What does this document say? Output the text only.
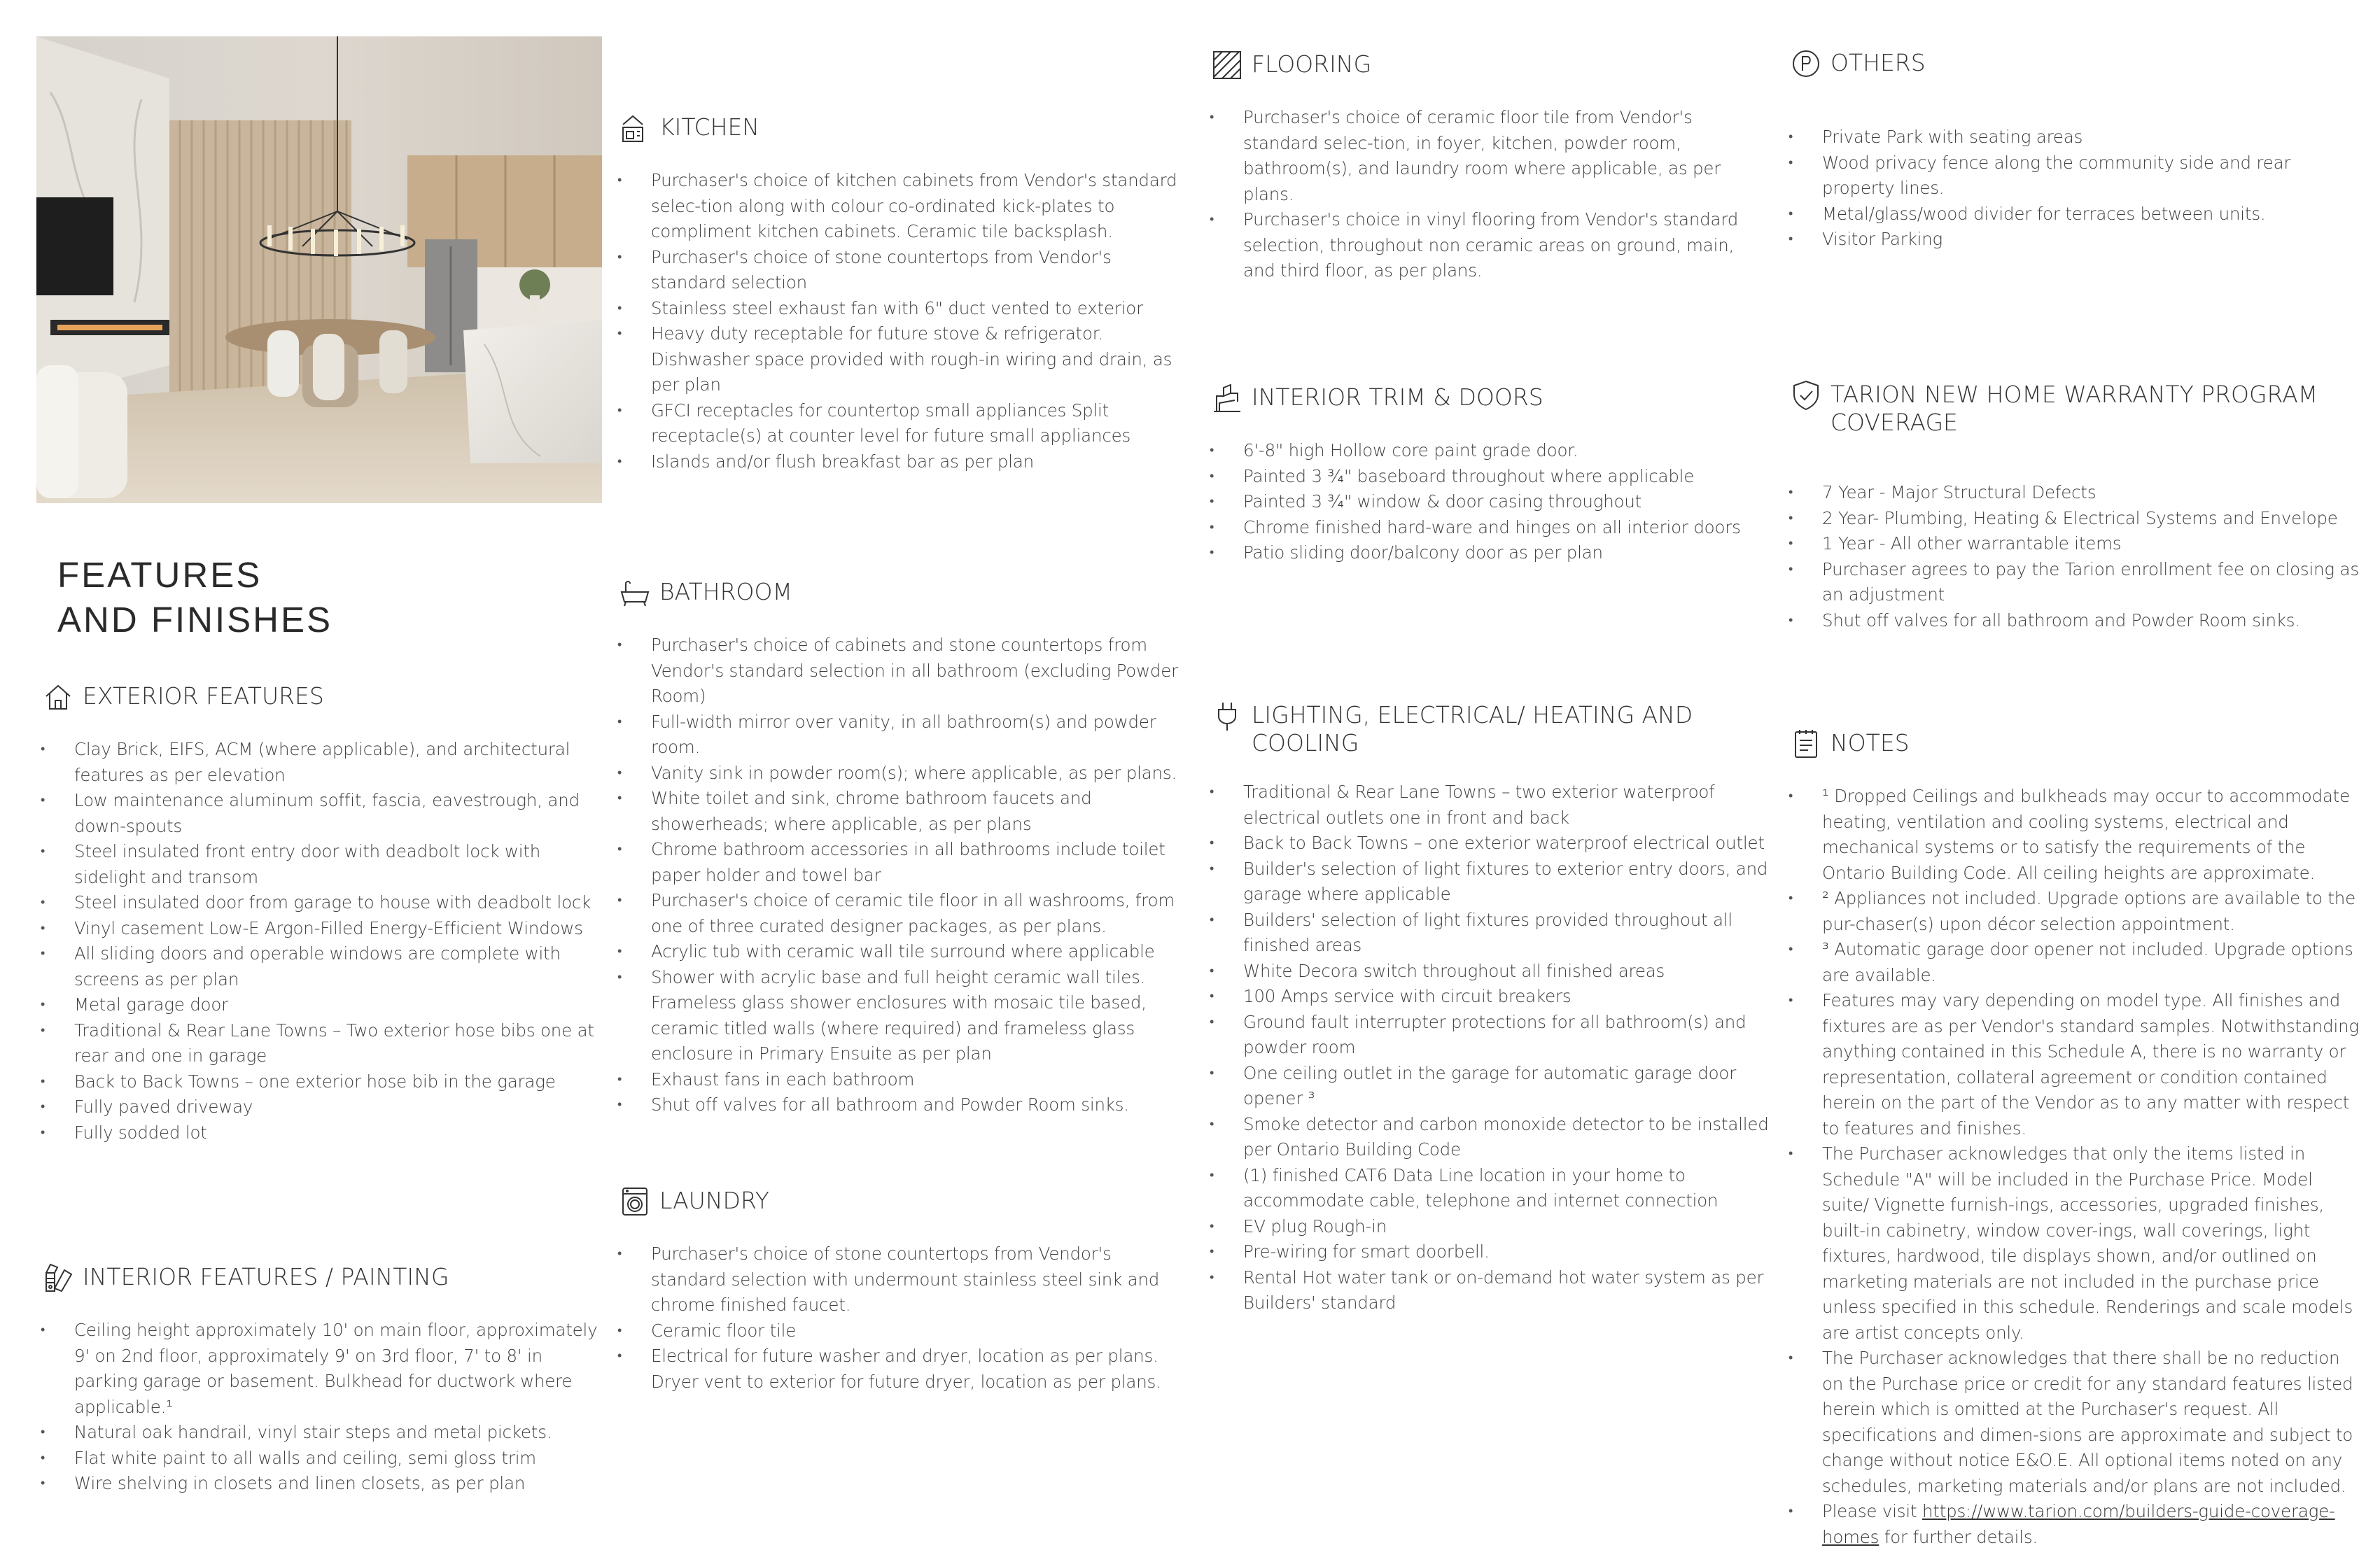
FEATURES
AND FINISHES
EXTERIOR FEATURES
• Clay Brick, EIFS, ACM (where applicable), and architectural features as per elevation
• Low maintenance aluminum soffit, fascia, eavestrough, and down-spouts
• Steel insulated front entry door with deadbolt lock with sidelight and transom
• Steel insulated door from garage to house with deadbolt lock
• Vinyl casement Low-E Argon-Filled Energy-Efficient Windows
• All sliding doors and operable windows are complete with screens as per plan
• Metal garage door
• Traditional & Rear Lane Towns – Two exterior hose bibs one at rear and one in garage
• Back to Back Towns – one exterior hose bib in the garage
• Fully paved driveway
• Fully sodded lot
INTERIOR FEATURES / PAINTING
• Ceiling height approximately 10' on main floor, approximately 9' on 2nd floor, approximately 9' on 3rd floor, 7' to 8' in parking garage or basement. Bulkhead for ductwork where applicable.¹
• Natural oak handrail, vinyl stair steps and metal pickets.
• Flat white paint to all walls and ceiling, semi gloss trim
• Wire shelving in closets and linen closets, as per plan
KITCHEN
• Purchaser's choice of kitchen cabinets from Vendor's standard selec-tion along with colour co-ordinated kick-plates to compliment kitchen cabinets. Ceramic tile backsplash.
• Purchaser's choice of stone countertops from Vendor's standard selection
• Stainless steel exhaust fan with 6" duct vented to exterior
• Heavy duty receptable for future stove & refrigerator. Dishwasher space provided with rough-in wiring and drain, as per plan
• GFCI receptacles for countertop small appliances Split receptacle(s) at counter level for future small appliances
• Islands and/or flush breakfast bar as per plan
BATHROOM
• Purchaser's choice of cabinets and stone countertops from Vendor's standard selection in all bathroom (excluding Powder Room)
• Full-width mirror over vanity, in all bathroom(s) and powder room.
• Vanity sink in powder room(s); where applicable, as per plans.
• White toilet and sink, chrome bathroom faucets and showerheads; where applicable, as per plans
• Chrome bathroom accessories in all bathrooms include toilet paper holder and towel bar
• Purchaser's choice of ceramic tile floor in all washrooms, from one of three curated designer packages, as per plans.
• Acrylic tub with ceramic wall tile surround where applicable
• Shower with acrylic base and full height ceramic wall tiles. Frameless glass shower enclosures with mosaic tile based, ceramic titled walls (where required) and frameless glass enclosure in Primary Ensuite as per plan
• Exhaust fans in each bathroom
• Shut off valves for all bathroom and Powder Room sinks.
LAUNDRY
• Purchaser's choice of stone countertops from Vendor's standard selection with undermount stainless steel sink and chrome finished faucet.
• Ceramic floor tile
• Electrical for future washer and dryer, location as per plans. Dryer vent to exterior for future dryer, location as per plans.
FLOORING
• Purchaser's choice of ceramic floor tile from Vendor's standard selec-tion, in foyer, kitchen, powder room, bathroom(s), and laundry room where applicable, as per plans.
• Purchaser's choice in vinyl flooring from Vendor's standard selection, throughout non ceramic areas on ground, main, and third floor, as per plans.
INTERIOR TRIM & DOORS
• 6'-8" high Hollow core paint grade door.
• Painted 3 ¾" baseboard throughout where applicable
• Painted 3 ¾" window & door casing throughout
• Chrome finished hard-ware and hinges on all interior doors
• Patio sliding door/balcony door as per plan
LIGHTING, ELECTRICAL/ HEATING AND COOLING
• Traditional & Rear Lane Towns – two exterior waterproof electrical outlets one in front and back
• Back to Back Towns – one exterior waterproof electrical outlet
• Builder's selection of light fixtures to exterior entry doors, and garage where applicable
• Builders' selection of light fixtures provided throughout all finished areas
• White Decora switch throughout all finished areas
• 100 Amps service with circuit breakers
• Ground fault interrupter protections for all bathroom(s) and powder room
• One ceiling outlet in the garage for automatic garage door opener ³
• Smoke detector and carbon monoxide detector to be installed per Ontario Building Code
• (1) finished CAT6 Data Line location in your home to accommodate cable, telephone and internet connection
• EV plug Rough-in
• Pre-wiring for smart doorbell.
• Rental Hot water tank or on-demand hot water system as per Builders' standard
OTHERS
• Private Park with seating areas
• Wood privacy fence along the community side and rear property lines.
• Metal/glass/wood divider for terraces between units.
• Visitor Parking
TARION NEW HOME WARRANTY PROGRAM COVERAGE
• 7 Year - Major Structural Defects
• 2 Year- Plumbing, Heating & Electrical Systems and Envelope
• 1 Year - All other warrantable items
• Purchaser agrees to pay the Tarion enrollment fee on closing as an adjustment
• Shut off valves for all bathroom and Powder Room sinks.
NOTES
• ¹ Dropped Ceilings and bulkheads may occur to accommodate heating, ventilation and cooling systems, electrical and mechanical systems or to satisfy the requirements of the Ontario Building Code. All ceiling heights are approximate.
• ² Appliances not included. Upgrade options are available to the pur-chaser(s) upon décor selection appointment.
• ³ Automatic garage door opener not included. Upgrade options are available.
• Features may vary depending on model type. All finishes and fixtures are as per Vendor's standard samples. Notwithstanding anything contained in this Schedule A, there is no warranty or representation, collateral agreement or condition contained herein on the part of the Vendor as to any matter with respect to features and finishes.
• The Purchaser acknowledges that only the items listed in Schedule "A" will be included in the Purchase Price. Model suite/ Vignette furnish-ings, accessories, upgraded finishes, built-in cabinetry, window cover-ings, wall coverings, light fixtures, hardwood, tile displays shown, and/or outlined on marketing materials are not included in the purchase price unless specified in this schedule. Renderings and scale models are artist concepts only.
• The Purchaser acknowledges that there shall be no reduction on the Purchase price or credit for any standard features listed herein which is omitted at the Purchaser's request. All specifications and dimen-sions are approximate and subject to change without notice E&O.E. All optional items noted on any schedules, marketing materials and/or plans are not included.
• Please visit https://www.tarion.com/builders-guide-coverage-homes for further details.
